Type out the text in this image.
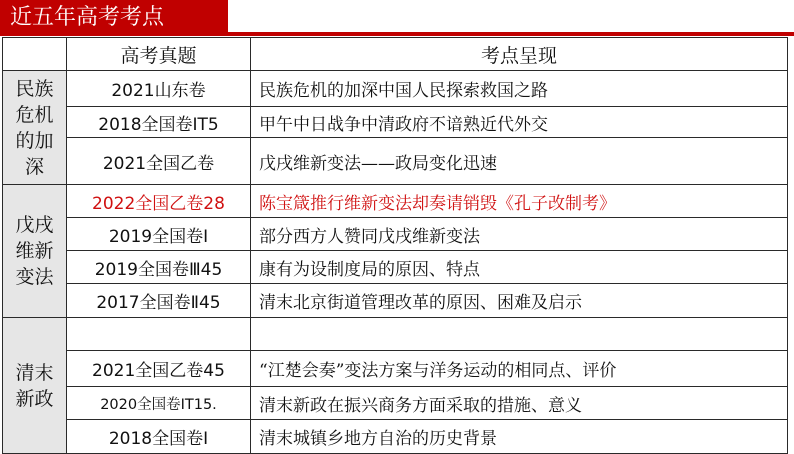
近五年高考考点
	高考真题	考点呈现

民族
危机
的加
深	2021山东卷	民族危机的加深中国人民探索救国之路
	2018全国卷ⅠT5	甲午中日战争中清政府不谙熟近代外交
	2021全国乙卷	戊戌维新变法——政局变化迅速

戊戌
维新
变法	2022全国乙卷28	陈宝箴推行维新变法却奏请销毁《孔子改制考》
	2019全国卷Ⅰ	部分西方人赞同戊戌维新变法
	2019全国卷Ⅲ45	康有为设制度局的原因、特点
	2017全国卷Ⅱ45	清末北京街道管理改革的原因、困难及启示

清末
新政		

	2021全国乙卷45	“江楚会奏”变法方案与洋务运动的相同点、评价
	2020全国卷ⅠT15.	清末新政在振兴商务方面采取的措施、意义
	2018全国卷Ⅰ	清末城镇乡地方自治的历史背景
